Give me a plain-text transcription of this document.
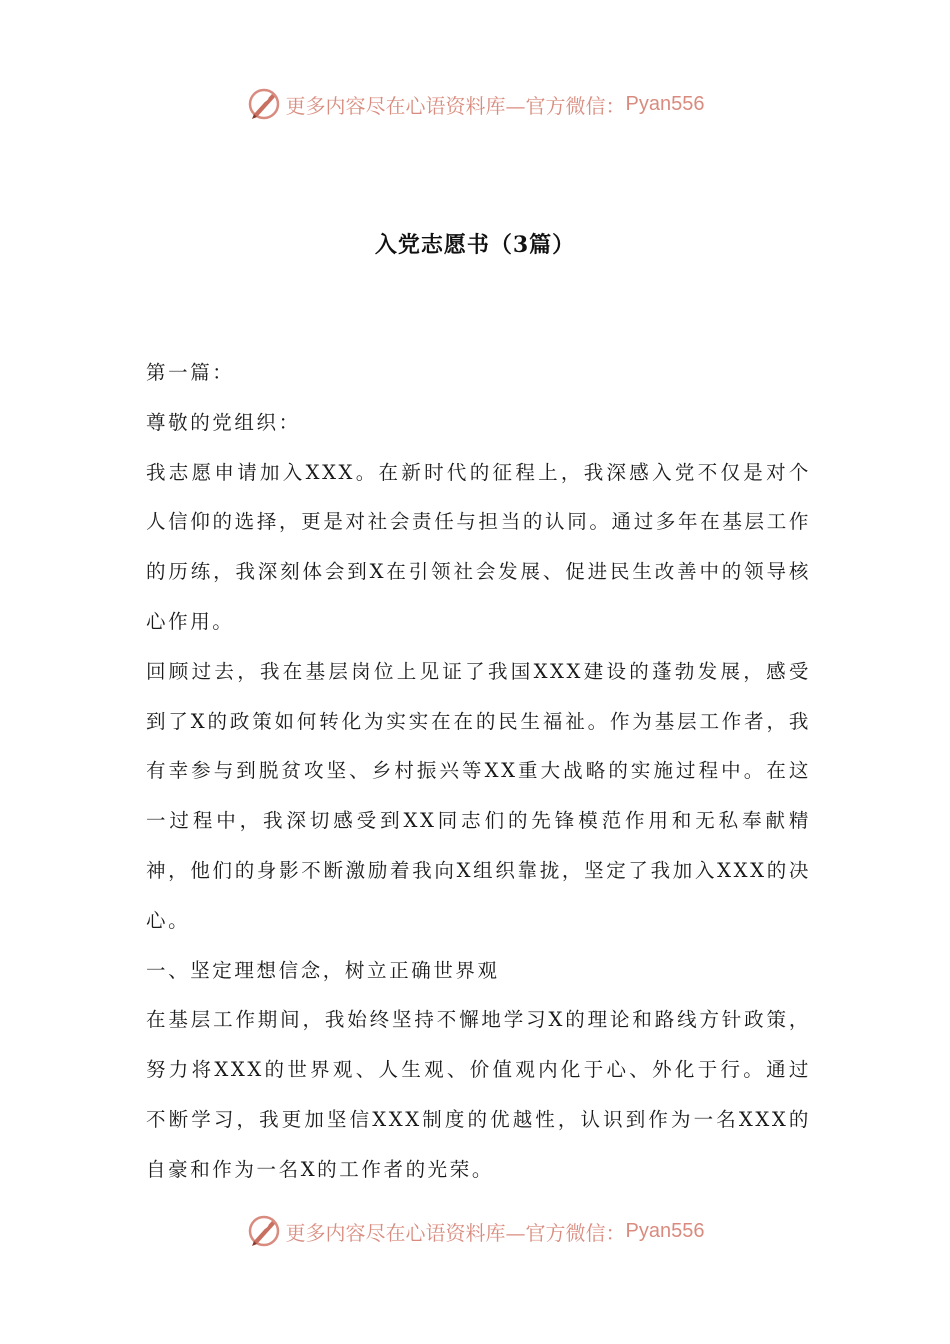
更多内容尽在心语资料库— 官方微信： Pyan556
入党志愿书（3篇）

第一篇：

尊敬的党组织：

我志愿申请加入XXX。在新时代的征程上，我深感入党不仅是对个人信仰的选择，更是对社会责任与担当的认同。通过多年在基层工作的历练，我深刻体会到X在引领社会发展、促进民生改善中的领导核心作用。

回顾过去，我在基层岗位上见证了我国XXX建设的蓬勃发展，感受到了X的政策如何转化为实实在在的民生福祉。作为基层工作者，我有幸参与到脱贫攻坚、乡村振兴等XX重大战略的实施过程中。在这一过程中，我深切感受到XX同志们的先锋模范作用和无私奉献精神，他们的身影不断激励着我向X组织靠拢，坚定了我加入XXX的决心。

一、坚定理想信念，树立正确世界观

在基层工作期间，我始终坚持不懈地学习X的理论和路线方针政策，努力将XXX的世界观、人生观、价值观内化于心、外化于行。通过不断学习，我更加坚信XXX制度的优越性，认识到作为一名XXX的自豪和作为一名X的工作者的光荣。

更多内容尽在心语资料库— 官方微信： Pyan556
